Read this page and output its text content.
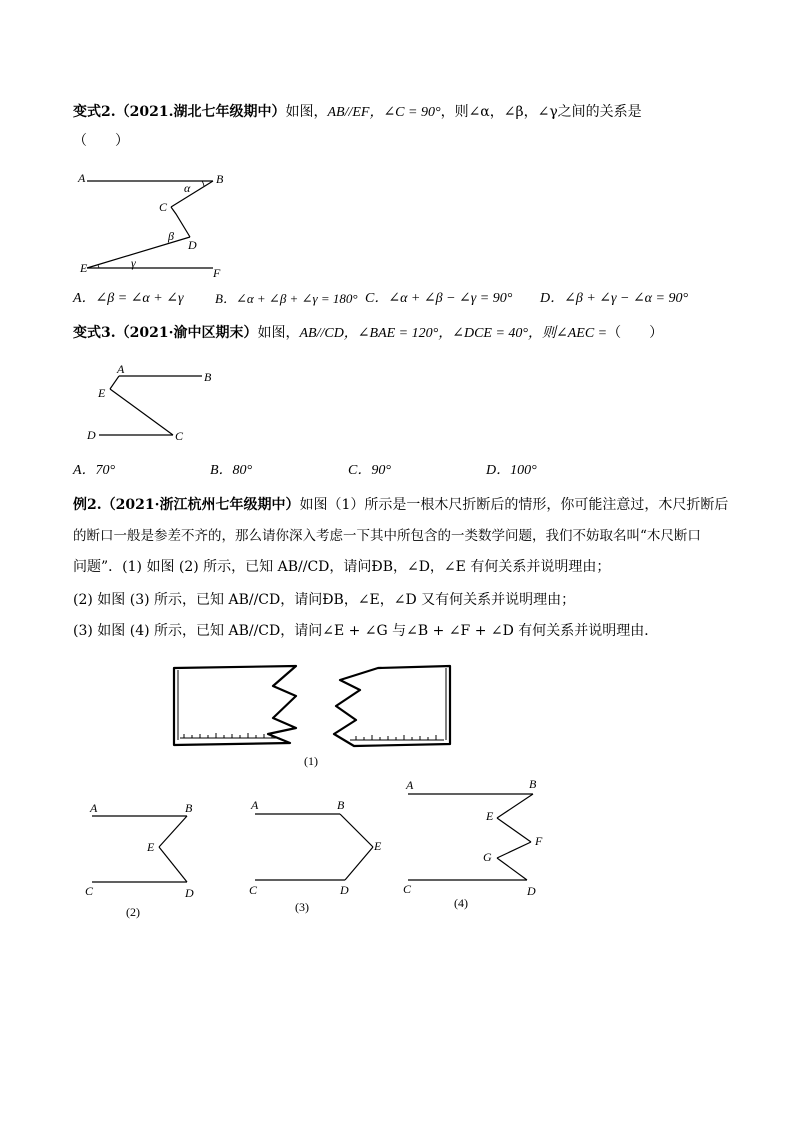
变式2.（2021.湖北七年级期中）如图，AB//EF，∠C = 90°，则∠α，∠β，∠γ之间的关系是
（　　）
A	B
C
D
E	F
α
β
γ
A．∠β = ∠α + ∠γ B．∠α + ∠β + ∠γ = 180° C．∠α + ∠β − ∠γ = 90° D．∠β + ∠γ − ∠α = 90°
变式3.（2021·渝中区期末）如图，AB//CD，∠BAE = 120°，∠DCE = 40°，则∠AEC =（　　）
A
B
E
D	C
A．70°	B．80°	C．90°	D．100°
例2.（2021·浙江杭州七年级期中）如图（1）所示是一根木尺折断后的情形，你可能注意过，木尺折断后
的断口一般是参差不齐的，那么请你深入考虑一下其中所包含的一类数学问题，我们不妨取名叫“木尺断口
问题”．(1) 如图 (2) 所示，已知 AB//CD，请问ÐB，∠D，∠E 有何关系并说明理由；
(2) 如图 (3) 所示，已知 AB//CD，请问ÐB，∠E，∠D 又有何关系并说明理由；
(3) 如图 (4) 所示，已知 AB//CD，请问∠E + ∠G 与∠B + ∠F + ∠D 有何关系并说明理由．
(1)
A	B
E
C	D
(2)
A	B
E
C	D
(3)
A	B
E
F
G
C	D
(4)
